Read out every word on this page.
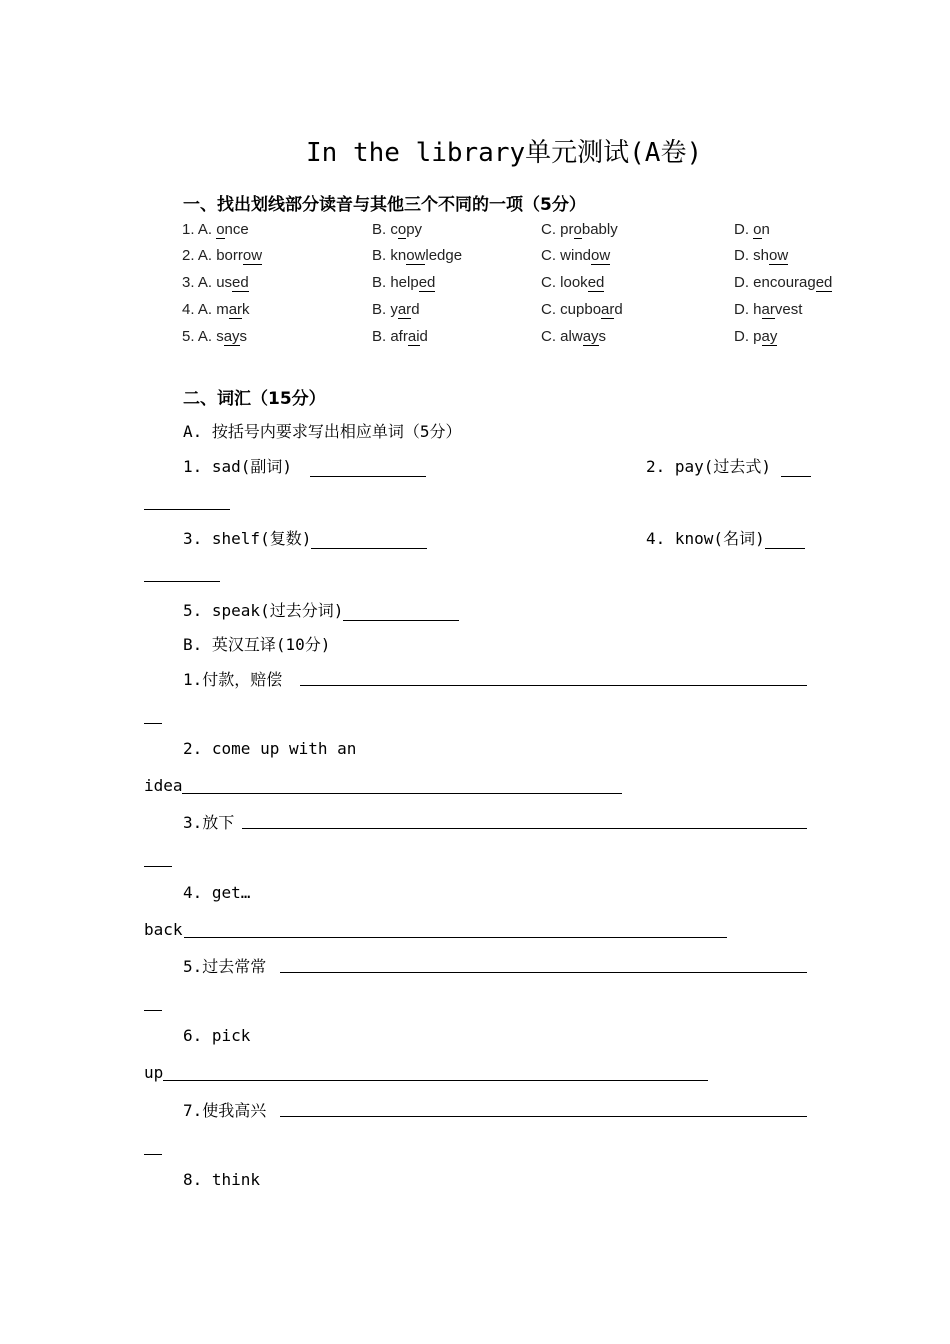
In the library单元测试(A卷)
一、找出划线部分读音与其他三个不同的一项（5分）
1. A. once	B. copy	C. probably	D. on
2. A. borrow	B. knowledge	C. window	D. show
3. A. used	B. helped	C. looked	D. encouraged
4. A. mark	B. yard	C. cupboard	D. harvest
5. A. says	B. afraid	C. always	D. pay
二、词汇（15分）
A. 按括号内要求写出相应单词（5分）
1. sad(副词)	2. pay(过去式)
3. shelf(复数)	4. know(名词)
5. speak(过去分词)
B. 英汉互译(10分)
1.付款，赔偿
2. come up with an
idea
3.放下
4. get…
back
5.过去常常
6. pick
up
7.使我高兴
8. think
